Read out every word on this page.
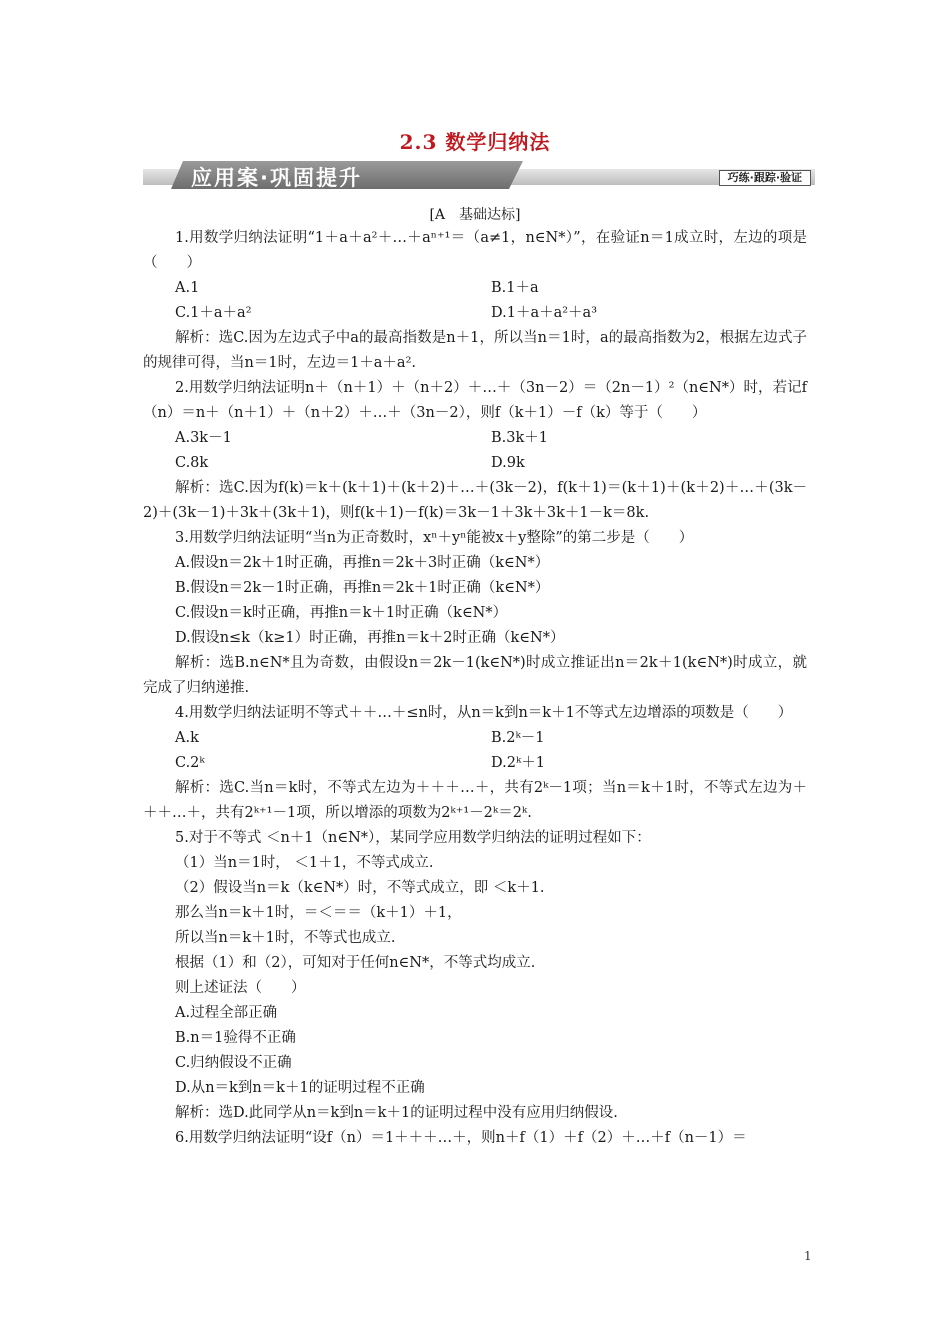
2.3 数学归纳法
应用案·巩固提升	巧练·跟踪·验证
[A　基础达标]
1.用数学归纳法证明“1＋a＋a²＋…＋aⁿ⁺¹＝（a≠1，n∈N*）”，在验证n＝1成立时，左边的项是（　　）
A.1	B.1＋a
C.1＋a＋a²	D.1＋a＋a²＋a³
解析：选C.因为左边式子中a的最高指数是n＋1，所以当n＝1时，a的最高指数为2，根据左边式子的规律可得，当n＝1时，左边＝1＋a＋a².
2.用数学归纳法证明n＋（n＋1）＋（n＋2）＋…＋（3n－2）＝（2n－1）²（n∈N*）时，若记f（n）＝n＋（n＋1）＋（n＋2）＋…＋（3n－2），则f（k＋1）－f（k）等于（　　）
A.3k－1	B.3k＋1
C.8k	D.9k
解析：选C.因为f(k)＝k＋(k＋1)＋(k＋2)＋…＋(3k－2)，f(k＋1)＝(k＋1)＋(k＋2)＋…＋(3k－2)＋(3k－1)＋3k＋(3k＋1)，则f(k＋1)－f(k)＝3k－1＋3k＋3k＋1－k＝8k.
3.用数学归纳法证明“当n为正奇数时，xⁿ＋yⁿ能被x＋y整除”的第二步是（　　）
A.假设n＝2k＋1时正确，再推n＝2k＋3时正确（k∈N*）
B.假设n＝2k－1时正确，再推n＝2k＋1时正确（k∈N*）
C.假设n＝k时正确，再推n＝k＋1时正确（k∈N*）
D.假设n≤k（k≥1）时正确，再推n＝k＋2时正确（k∈N*）
解析：选B.n∈N*且为奇数，由假设n＝2k－1(k∈N*)时成立推证出n＝2k＋1(k∈N*)时成立，就完成了归纳递推.
4.用数学归纳法证明不等式＋＋…＋≤n时，从n＝k到n＝k＋1不等式左边增添的项数是（　　）
A.k	B.2ᵏ－1
C.2ᵏ	D.2ᵏ＋1
解析：选C.当n＝k时，不等式左边为＋＋＋…＋，共有2ᵏ－1项；当n＝k＋1时，不等式左边为＋＋＋…＋，共有2ᵏ⁺¹－1项，所以增添的项数为2ᵏ⁺¹－2ᵏ＝2ᵏ.
5.对于不等式 ＜n＋1（n∈N*），某同学应用数学归纳法的证明过程如下：
（1）当n＝1时， ＜1＋1，不等式成立.
（2）假设当n＝k（k∈N*）时，不等式成立，即 ＜k＋1.
那么当n＝k＋1时，＝＜＝＝（k＋1）＋1，
所以当n＝k＋1时，不等式也成立.
根据（1）和（2），可知对于任何n∈N*，不等式均成立.
则上述证法（　　）
A.过程全部正确
B.n＝1验得不正确
C.归纳假设不正确
D.从n＝k到n＝k＋1的证明过程不正确
解析：选D.此同学从n＝k到n＝k＋1的证明过程中没有应用归纳假设.
6.用数学归纳法证明“设f（n）＝1＋＋＋…＋，则n＋f（1）＋f（2）＋…＋f（n－1）＝
1
